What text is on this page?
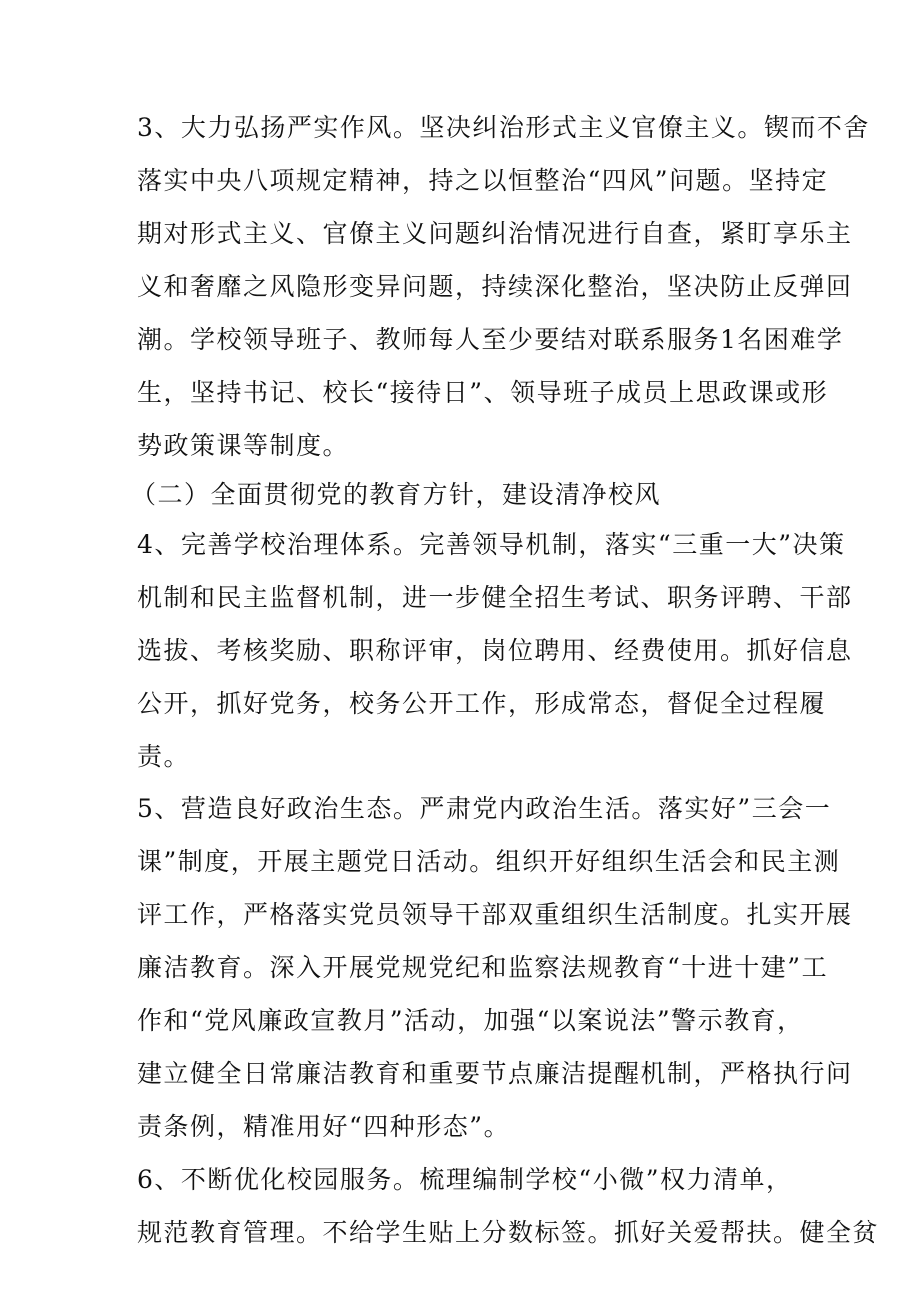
3、大力弘扬严实作风。坚决纠治形式主义官僚主义。锲而不舍
落实中央八项规定精神，持之以恒整治“四风”问题。坚持定
期对形式主义、官僚主义问题纠治情况进行自查，紧盯享乐主
义和奢靡之风隐形变异问题，持续深化整治，坚决防止反弹回
潮。学校领导班子、教师每人至少要结对联系服务1名困难学
生，坚持书记、校长“接待日”、领导班子成员上思政课或形
势政策课等制度。
（二）全面贯彻党的教育方针，建设清净校风
4、完善学校治理体系。完善领导机制，落实“三重一大”决策
机制和民主监督机制，进一步健全招生考试、职务评聘、干部
选拔、考核奖励、职称评审，岗位聘用、经费使用。抓好信息
公开，抓好党务，校务公开工作，形成常态，督促全过程履
责。
5、营造良好政治生态。严肃党内政治生活。落实好”三会一
课”制度，开展主题党日活动。组织开好组织生活会和民主测
评工作，严格落实党员领导干部双重组织生活制度。扎实开展
廉洁教育。深入开展党规党纪和监察法规教育“十进十建”工
作和“党风廉政宣教月”活动，加强“以案说法”警示教育，
建立健全日常廉洁教育和重要节点廉洁提醒机制，严格执行问
责条例，精准用好“四种形态”。
6、不断优化校园服务。梳理编制学校“小微”权力清单，
规范教育管理。不给学生贴上分数标签。抓好关爱帮扶。健全贫
